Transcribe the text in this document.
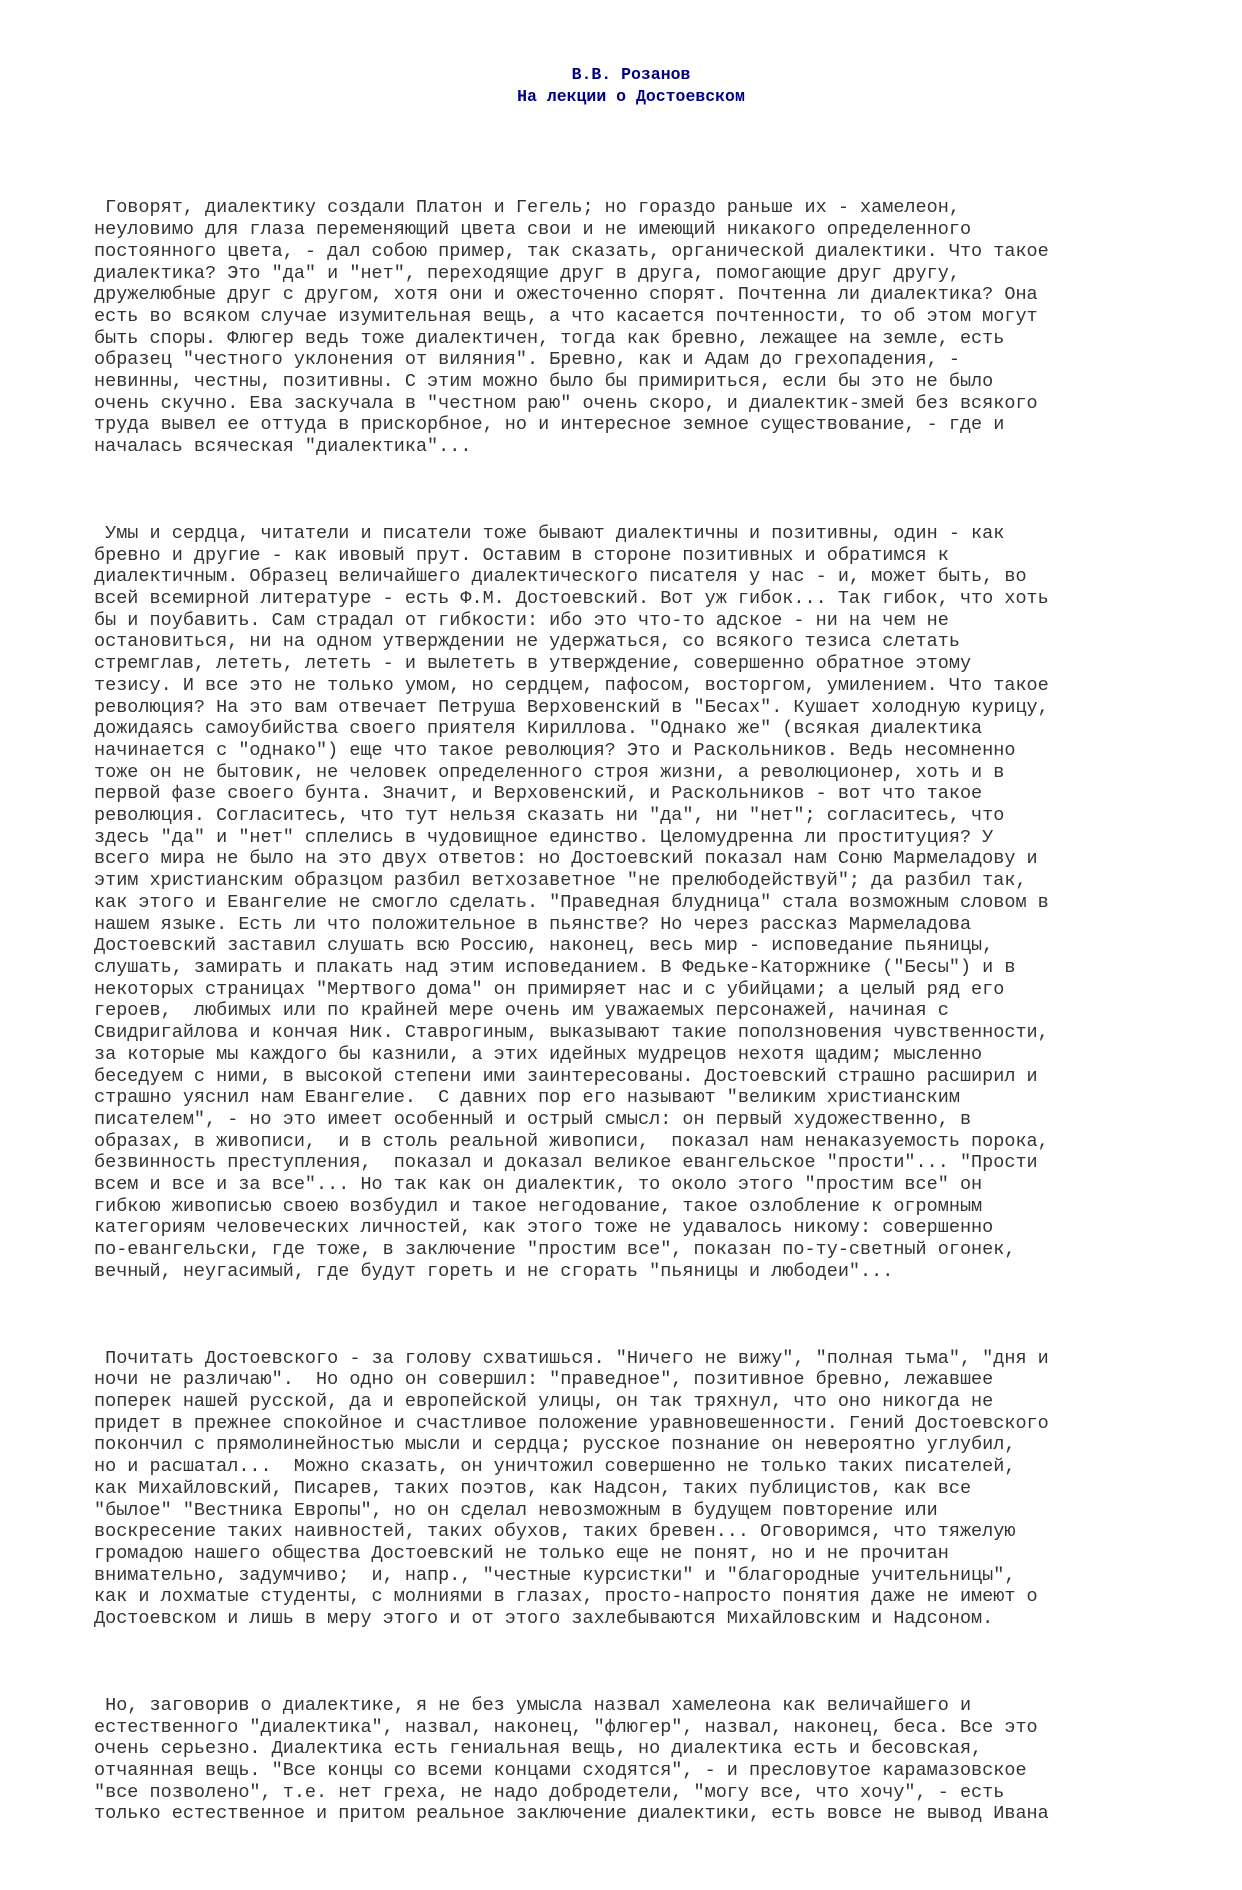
В.В. Розанов
На лекции о Достоевском

Говорят, диалектику создали Платон и Гегель; но гораздо раньше их - хамелеон,
неуловимо для глаза переменяющий цвета свои и не имеющий никакого определенного
постоянного цвета, - дал собою пример, так сказать, органической диалектики. Что такое
диалектика? Это "да" и "нет", переходящие друг в друга, помогающие друг другу,
дружелюбные друг с другом, хотя они и ожесточенно спорят. Почтенна ли диалектика? Она
есть во всяком случае изумительная вещь, а что касается почтенности, то об этом могут
быть споры. Флюгер ведь тоже диалектичен, тогда как бревно, лежащее на земле, есть
образец "честного уклонения от виляния". Бревно, как и Адам до грехопадения, -
невинны, честны, позитивны. С этим можно было бы примириться, если бы это не было
очень скучно. Ева заскучала в "честном раю" очень скоро, и диалектик-змей без всякого
труда вывел ее оттуда в прискорбное, но и интересное земное существование, - где и
началась всяческая "диалектика"...

Умы и сердца, читатели и писатели тоже бывают диалектичны и позитивны, один - как
бревно и другие - как ивовый прут. Оставим в стороне позитивных и обратимся к
диалектичным. Образец величайшего диалектического писателя у нас - и, может быть, во
всей всемирной литературе - есть Ф.М. Достоевский. Вот уж гибок... Так гибок, что хоть
бы и поубавить. Сам страдал от гибкости: ибо это что-то адское - ни на чем не
остановиться, ни на одном утверждении не удержаться, со всякого тезиса слетать
стремглав, лететь, лететь - и вылететь в утверждение, совершенно обратное этому
тезису. И все это не только умом, но сердцем, пафосом, восторгом, умилением. Что такое
революция? На это вам отвечает Петруша Верховенский в "Бесах". Кушает холодную курицу,
дожидаясь самоубийства своего приятеля Кириллова. "Однако же" (всякая диалектика
начинается с "однако") еще что такое революция? Это и Раскольников. Ведь несомненно
тоже он не бытовик, не человек определенного строя жизни, а революционер, хоть и в
первой фазе своего бунта. Значит, и Верховенский, и Раскольников - вот что такое
революция. Согласитесь, что тут нельзя сказать ни "да", ни "нет"; согласитесь, что
здесь "да" и "нет" сплелись в чудовищное единство. Целомудренна ли проституция? У
всего мира не было на это двух ответов: но Достоевский показал нам Соню Мармеладову и
этим христианским образцом разбил ветхозаветное "не прелюбодействуй"; да разбил так,
как этого и Евангелие не смогло сделать. "Праведная блудница" стала возможным словом в
нашем языке. Есть ли что положительное в пьянстве? Но через рассказ Мармеладова
Достоевский заставил слушать всю Россию, наконец, весь мир - исповедание пьяницы,
слушать, замирать и плакать над этим исповеданием. В Федьке-Каторжнике ("Бесы") и в
некоторых страницах "Мертвого дома" он примиряет нас и с убийцами; а целый ряд его
героев,  любимых или по крайней мере очень им уважаемых персонажей, начиная с
Свидригайлова и кончая Ник. Ставрогиным, выказывают такие поползновения чувственности,
за которые мы каждого бы казнили, а этих идейных мудрецов нехотя щадим; мысленно
беседуем с ними, в высокой степени ими заинтересованы. Достоевский страшно расширил и
страшно уяснил нам Евангелие.  С давних пор его называют "великим христианским
писателем", - но это имеет особенный и острый смысл: он первый художественно, в
образах, в живописи,  и в столь реальной живописи,  показал нам ненаказуемость порока,
безвинность преступления,  показал и доказал великое евангельское "прости"... "Прости
всем и все и за все"... Но так как он диалектик, то около этого "простим все" он
гибкою живописью своею возбудил и такое негодование, такое озлобление к огромным
категориям человеческих личностей, как этого тоже не удавалось никому: совершенно
по-евангельски, где тоже, в заключение "простим все", показан по-ту-светный огонек,
вечный, неугасимый, где будут гореть и не сгорать "пьяницы и любодеи"...

Почитать Достоевского - за голову схватишься. "Ничего не вижу", "полная тьма", "дня и
ночи не различаю".  Но одно он совершил: "праведное", позитивное бревно, лежавшее
поперек нашей русской, да и европейской улицы, он так тряхнул, что оно никогда не
придет в прежнее спокойное и счастливое положение уравновешенности. Гений Достоевского
покончил с прямолинейностью мысли и сердца; русское познание он невероятно углубил,
но и расшатал...  Можно сказать, он уничтожил совершенно не только таких писателей,
как Михайловский, Писарев, таких поэтов, как Надсон, таких публицистов, как все
"былое" "Вестника Европы", но он сделал невозможным в будущем повторение или
воскресение таких наивностей, таких обухов, таких бревен... Оговоримся, что тяжелую
громадою нашего общества Достоевский не только еще не понят, но и не прочитан
внимательно, задумчиво;  и, напр., "честные курсистки" и "благородные учительницы",
как и лохматые студенты, с молниями в глазах, просто-напросто понятия даже не имеют о
Достоевском и лишь в меру этого и от этого захлебываются Михайловским и Надсоном.

Но, заговорив о диалектике, я не без умысла назвал хамелеона как величайшего и
естественного "диалектика", назвал, наконец, "флюгер", назвал, наконец, беса. Все это
очень серьезно. Диалектика есть гениальная вещь, но диалектика есть и бесовская,
отчаянная вещь. "Все концы со всеми концами сходятся", - и пресловутое карамазовское
"все позволено", т.е. нет греха, не надо добродетели, "могу все, что хочу", - есть
только естественное и притом реальное заключение диалектики, есть вовсе не вывод Ивана
